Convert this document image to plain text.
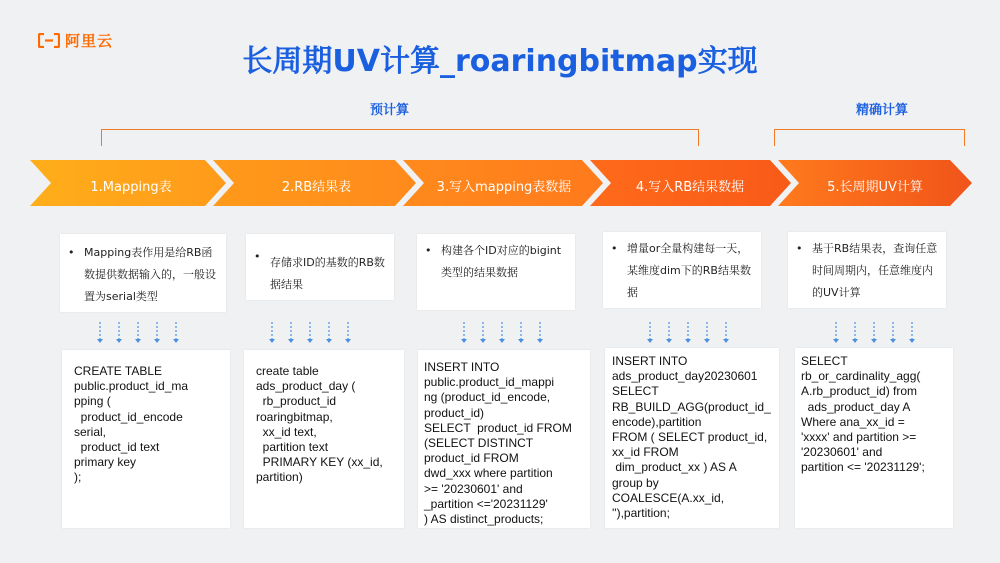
阿里云
长周期UV计算_roaringbitmap实现
预计算	精确计算
1.Mapping表	2.RB结果表	3.写入mapping表数据	4.写入RB结果数据	5.长周期UV计算
• Mapping表作用是给RB函数提供数据输入的，一般设置为serial类型
• 存储求ID的基数的RB数据结果
• 构建各个ID对应的bigint类型的结果数据
• 增量or全量构建每一天，某维度dim下的RB结果数据
• 基于RB结果表，查询任意时间周期内，任意维度内的UV计算

CREATE TABLE
public.product_id_ma
pping (
product_id_encode
serial,
product_id text
primary key
);

create table
ads_product_day (
rb_product_id
roaringbitmap,
xx_id text,
partition text
PRIMARY KEY (xx_id,
partition)

INSERT INTO
public.product_id_mappi
ng (product_id_encode,
product_id)
SELECT  product_id FROM
(SELECT DISTINCT
product_id FROM
dwd_xxx where partition
>= '20230601' and
_partition <='20231129'
) AS distinct_products;

INSERT INTO
ads_product_day20230601
SELECT
RB_BUILD_AGG(product_id_
encode),partition
FROM ( SELECT product_id,
xx_id FROM
dim_product_xx ) AS A
group by COALESCE(A.xx_id,
''),partition;

SELECT
rb_or_cardinality_agg(
A.rb_product_id) from
ads_product_day A
Where ana_xx_id =
'xxxx' and partition >=
'20230601' and
partition <= '20231129';
